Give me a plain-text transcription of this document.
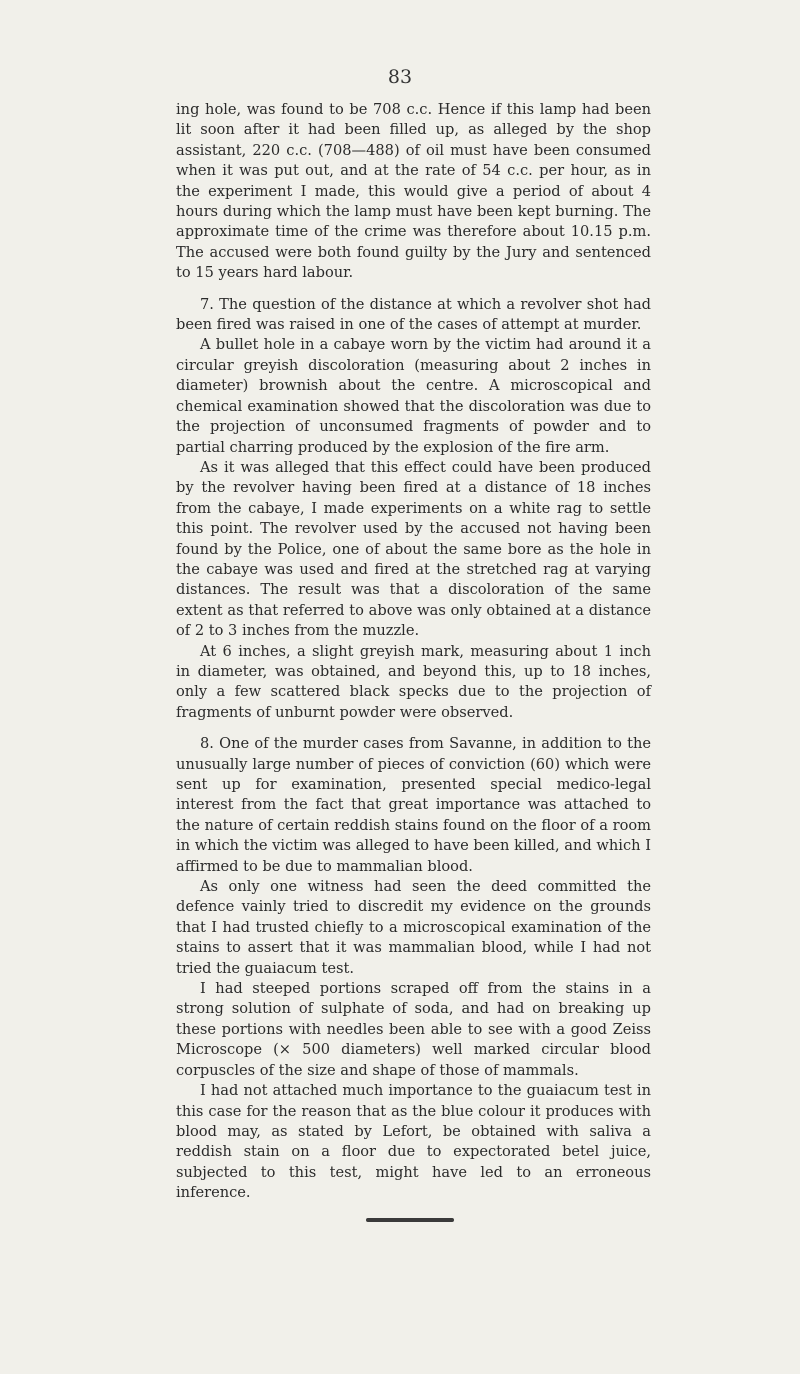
83

ing hole, was found to be 708 c.c. Hence if this lamp had been lit soon after it had been filled up, as alleged by the shop assistant, 220 c.c. (708—488) of oil must have been consumed when it was put out, and at the rate of 54 c.c. per hour, as in the experiment I made, this would give a period of about 4 hours during which the lamp must have been kept burning. The approximate time of the crime was therefore about 10.15 p.m. The accused were both found guilty by the Jury and sentenced to 15 years hard labour.

7. The question of the distance at which a revolver shot had been fired was raised in one of the cases of attempt at murder.

A bullet hole in a cabaye worn by the victim had around it a circular greyish discoloration (measuring about 2 inches in diameter) brownish about the centre. A microscopical and chemical examination showed that the discoloration was due to the projection of unconsumed fragments of powder and to partial charring produced by the explosion of the fire arm.

As it was alleged that this effect could have been produced by the revolver having been fired at a distance of 18 inches from the cabaye, I made experiments on a white rag to settle this point. The revolver used by the accused not having been found by the Police, one of about the same bore as the hole in the cabaye was used and fired at the stretched rag at varying distances. The result was that a discoloration of the same extent as that referred to above was only obtained at a distance of 2 to 3 inches from the muzzle.

At 6 inches, a slight greyish mark, measuring about 1 inch in diameter, was obtained, and beyond this, up to 18 inches, only a few scattered black specks due to the projection of fragments of unburnt powder were observed.

8. One of the murder cases from Savanne, in addition to the unusually large number of pieces of conviction (60) which were sent up for examination, presented special medico-legal interest from the fact that great importance was attached to the nature of certain reddish stains found on the floor of a room in which the victim was alleged to have been killed, and which I affirmed to be due to mammalian blood.

As only one witness had seen the deed committed the defence vainly tried to discredit my evidence on the grounds that I had trusted chiefly to a microscopical examination of the stains to assert that it was mammalian blood, while I had not tried the guaiacum test.

I had steeped portions scraped off from the stains in a strong solution of sulphate of soda, and had on breaking up these portions with needles been able to see with a good Zeiss Microscope (× 500 diameters) well marked circular blood corpuscles of the size and shape of those of mammals.

I had not attached much importance to the guaiacum test in this case for the reason that as the blue colour it produces with blood may, as stated by Lefort, be obtained with saliva a reddish stain on a floor due to expectorated betel juice, subjected to this test, might have led to an erroneous inference.
